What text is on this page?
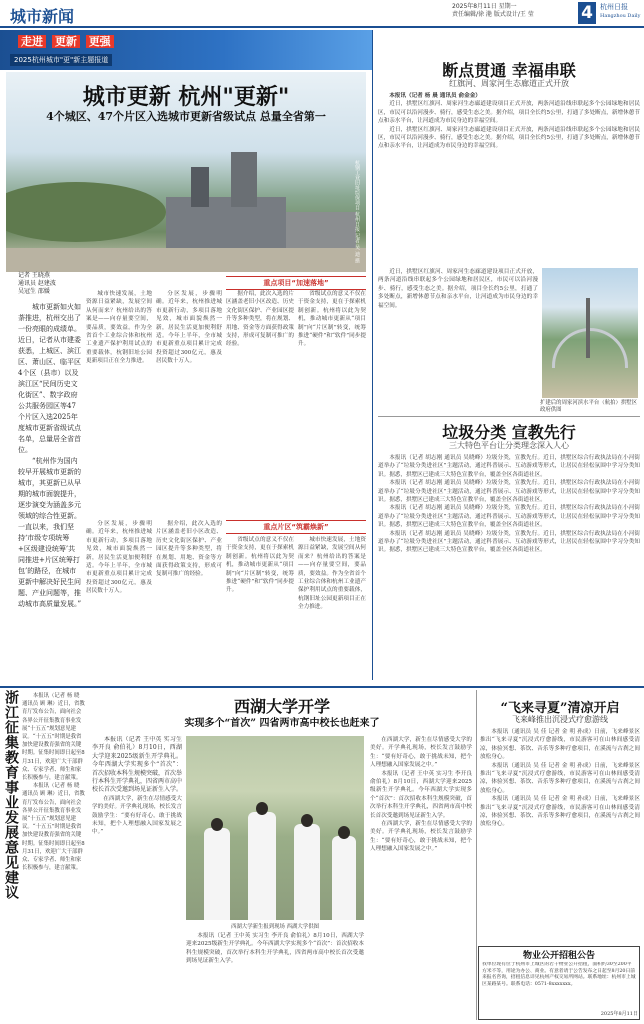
城市新闻
2025年8月11日 星期一
责任编辑/徐 滟 版式设计/王 莹	4	杭州日报
Hangzhou Daily
走进 更新 更强
2025杭州城市"更"新主题报道
杭钢工业旧址综保项目 杭州日报 记者 吴 迪 摄
城市更新 杭州"更新"
4个城区、47个片区入选城市更新省级试点 总量全省第一
记者 王晓燕
通讯员 赵建波
吴冠生 邵媛

城市更新如火如荼推进，杭州交出了一份亮眼的成绩单。近日，记者从市建委获悉，上城区、滨江区、萧山区、临平区4个区（县市）以及滨江区“民间历史文化街区”、数字政府公共服务园区等47个片区入选2025年度城市更新省级试点名单，总量居全省首位。

“杭州作为国内较早开展城市更新的城市，其更新已从早期的城市面貌提升，逐步演变为涵盖多元领域的综合性更新。一直以来，我们坚持‘市级专项统筹+区级建设统筹’共同推进+片区统筹打包’的路径，在城市更新中解决好民生问题、产业问题等，推动城市高质量发展。”

城市快速发展，土地资源日益紧缺，发展空间从何而来？杭州给出的答案是——向存量要空间，要品质，要效益。作为全省首个工业综合体和杭州工业遗产保护利用试点的重要载体，杭钢旧址公园更新项目正在全力推进。

分区发展，步骤明确。近年来，杭州推进城市更新行动，多项目落地见效，城市面貌焕然一新，居民生活更加便利舒适。今年上半年，全市城市更新重点项目累计完成投资超过300亿元，惠及居民数十万人。

据介绍，此次入选的片区涵盖老旧小区改造、历史文化街区保护、产业园区提升等多种类型，将在规划、用地、资金等方面获得政策支持，形成可复制可推广的经验。

省级试点的意义不仅在于资金支持，更在于探索机制创新。杭州将以此为契机，推动城市更新从“项目制”向“片区制”转变，统筹推进“硬件”和“软件”同步提升。

重点项目“加速落地”
重点片区“筑霸焕新”

分区发展，步骤明确。近年来，杭州推进城市更新行动，多项目落地见效，城市面貌焕然一新，居民生活更加便利舒适。今年上半年，全市城市更新重点项目累计完成投资超过300亿元，惠及居民数十万人。

据介绍，此次入选的片区涵盖老旧小区改造、历史文化街区保护、产业园区提升等多种类型，将在规划、用地、资金等方面获得政策支持，形成可复制可推广的经验。

省级试点的意义不仅在于资金支持，更在于探索机制创新。杭州将以此为契机，推动城市更新从“项目制”向“片区制”转变，统筹推进“硬件”和“软件”同步提升。

城市快速发展，土地资源日益紧缺，发展空间从何而来？杭州给出的答案是——向存量要空间，要品质，要效益。作为全省首个工业综合体和杭州工业遗产保护利用试点的重要载体，杭钢旧址公园更新项目正在全力推进。

断点贯通 幸福串联
红旗河、周家河生态廊道正式开放

本报讯（记者 杨 晨 通讯员 俞金金）

近日，拱墅区红旗河、周家河生态廊道建设项目正式开放，两条河道沿线串联起多个公园绿地和居民区，市民可以沿河漫步、骑行，感受生态之美。据介绍，项目全长约5公里，打通了多处断点，新增休憩节点和亲水平台，让河道成为市民身边的幸福空间。

近日，拱墅区红旗河、周家河生态廊道建设项目正式开放，两条河道沿线串联起多个公园绿地和居民区，市民可以沿河漫步、骑行，感受生态之美。据介绍，项目全长约5公里，打通了多处断点，新增休憩节点和亲水平台，让河道成为市民身边的幸福空间。

近日，拱墅区红旗河、周家河生态廊道建设项目正式开放，两条河道沿线串联起多个公园绿地和居民区，市民可以沿河漫步、骑行，感受生态之美。据介绍，项目全长约5公里，打通了多处断点，新增休憩节点和亲水平台，让河道成为市民身边的幸福空间。

扩建后的周家河滨水平台（航拍）拱墅区政府供图
垃圾分类 宣教先行
三大特色平台让分类理念深入人心

本报讯（记者 胡志刚 通讯员 吴晓峰）垃圾分类，宣教先行。近日，拱墅区综合行政执法局在小河街道举办了“垃圾分类进社区”主题活动，通过科普展示、互动游戏等形式，让居民在轻松氛围中学习分类知识。据悉，拱墅区已建成三大特色宣教平台，覆盖全区各街道社区。

本报讯（记者 胡志刚 通讯员 吴晓峰）垃圾分类，宣教先行。近日，拱墅区综合行政执法局在小河街道举办了“垃圾分类进社区”主题活动，通过科普展示、互动游戏等形式，让居民在轻松氛围中学习分类知识。据悉，拱墅区已建成三大特色宣教平台，覆盖全区各街道社区。

本报讯（记者 胡志刚 通讯员 吴晓峰）垃圾分类，宣教先行。近日，拱墅区综合行政执法局在小河街道举办了“垃圾分类进社区”主题活动，通过科普展示、互动游戏等形式，让居民在轻松氛围中学习分类知识。据悉，拱墅区已建成三大特色宣教平台，覆盖全区各街道社区。

本报讯（记者 胡志刚 通讯员 吴晓峰）垃圾分类，宣教先行。近日，拱墅区综合行政执法局在小河街道举办了“垃圾分类进社区”主题活动，通过科普展示、互动游戏等形式，让居民在轻松氛围中学习分类知识。据悉，拱墅区已建成三大特色宣教平台，覆盖全区各街道社区。

浙江征集教育事业发展意见建议	本报讯（记者 杨 晓 通讯员 顾 琳）近日，省教育厅发布公告，面向社会各界公开征集教育事业发展“十五五”规划意见建议。“十五五”时期是我省加快建设教育强省的关键时期。征集时间即日起至8月31日，欢迎广大干部群众、专家学者、师生和家长积极参与，建言献策。

本报讯（记者 杨 晓 通讯员 顾 琳）近日，省教育厅发布公告，面向社会各界公开征集教育事业发展“十五五”规划意见建议。“十五五”时期是我省加快建设教育强省的关键时期。征集时间即日起至8月31日，欢迎广大干部群众、专家学者、师生和家长积极参与，建言献策。

西湖大学开学
实现多个“首次” 四省两市高中校长也赶来了

本报讯（记者 王中英 实习生 李开良 俞伯礼）8月10日，西湖大学迎来2025级新生开学典礼。今年西湖大学实现多个“首次”：首次招收本科生规模突破，首次举行本科生开学典礼，四省两市高中校长首次受邀到场见证新生入学。

在西湖大学，新生在尽情感受大学的美好。开学典礼现场，校长发言鼓励学生：“要有好奇心，敢于挑战未知，把个人理想融入国家发展之中。”

西湖大学新生报到现场 西湖大学供图

本报讯（记者 王中英 实习生 李开良 俞伯礼）8月10日，西湖大学迎来2025级新生开学典礼。今年西湖大学实现多个“首次”：首次招收本科生规模突破，首次举行本科生开学典礼，四省两市高中校长首次受邀到场见证新生入学。

在西湖大学，新生在尽情感受大学的美好。开学典礼现场，校长发言鼓励学生：“要有好奇心，敢于挑战未知，把个人理想融入国家发展之中。”

本报讯（记者 王中英 实习生 李开良 俞伯礼）8月10日，西湖大学迎来2025级新生开学典礼。今年西湖大学实现多个“首次”：首次招收本科生规模突破，首次举行本科生开学典礼，四省两市高中校长首次受邀到场见证新生入学。

在西湖大学，新生在尽情感受大学的美好。开学典礼现场，校长发言鼓励学生：“要有好奇心，敢于挑战未知，把个人理想融入国家发展之中。”

“飞来寻夏”清凉开启
飞来峰推出沉浸式疗愈游线

本报讯（通讯员 吴 佳 记者 金 明 孙成）日前，飞来峰景区推出“飞来寻夏”沉浸式疗愈游线，市民游客可在山林间感受清凉，体验冥想、茶饮、音乐等多种疗愈项目，在溪流与古刹之间放松身心。

本报讯（通讯员 吴 佳 记者 金 明 孙成）日前，飞来峰景区推出“飞来寻夏”沉浸式疗愈游线，市民游客可在山林间感受清凉，体验冥想、茶饮、音乐等多种疗愈项目，在溪流与古刹之间放松身心。

本报讯（通讯员 吴 佳 记者 金 明 孙成）日前，飞来峰景区推出“飞来寻夏”沉浸式疗愈游线，市民游客可在山林间感受清凉，体验冥想、茶饮、音乐等多种疗愈项目，在溪流与古刹之间放松身心。

物业公开招租公告
我单位现有位于杭州市上城区的若干物业公开招租，面积约30至200平方米不等，用途为办公、商业。有意者请于公告发布之日起至8月20日前来报名咨询，招租信息详见杭州产权交易所网站。联系地址：杭州市上城区某路某号。联系电话：0571-8xxxxxxx。
2025年8月11日
